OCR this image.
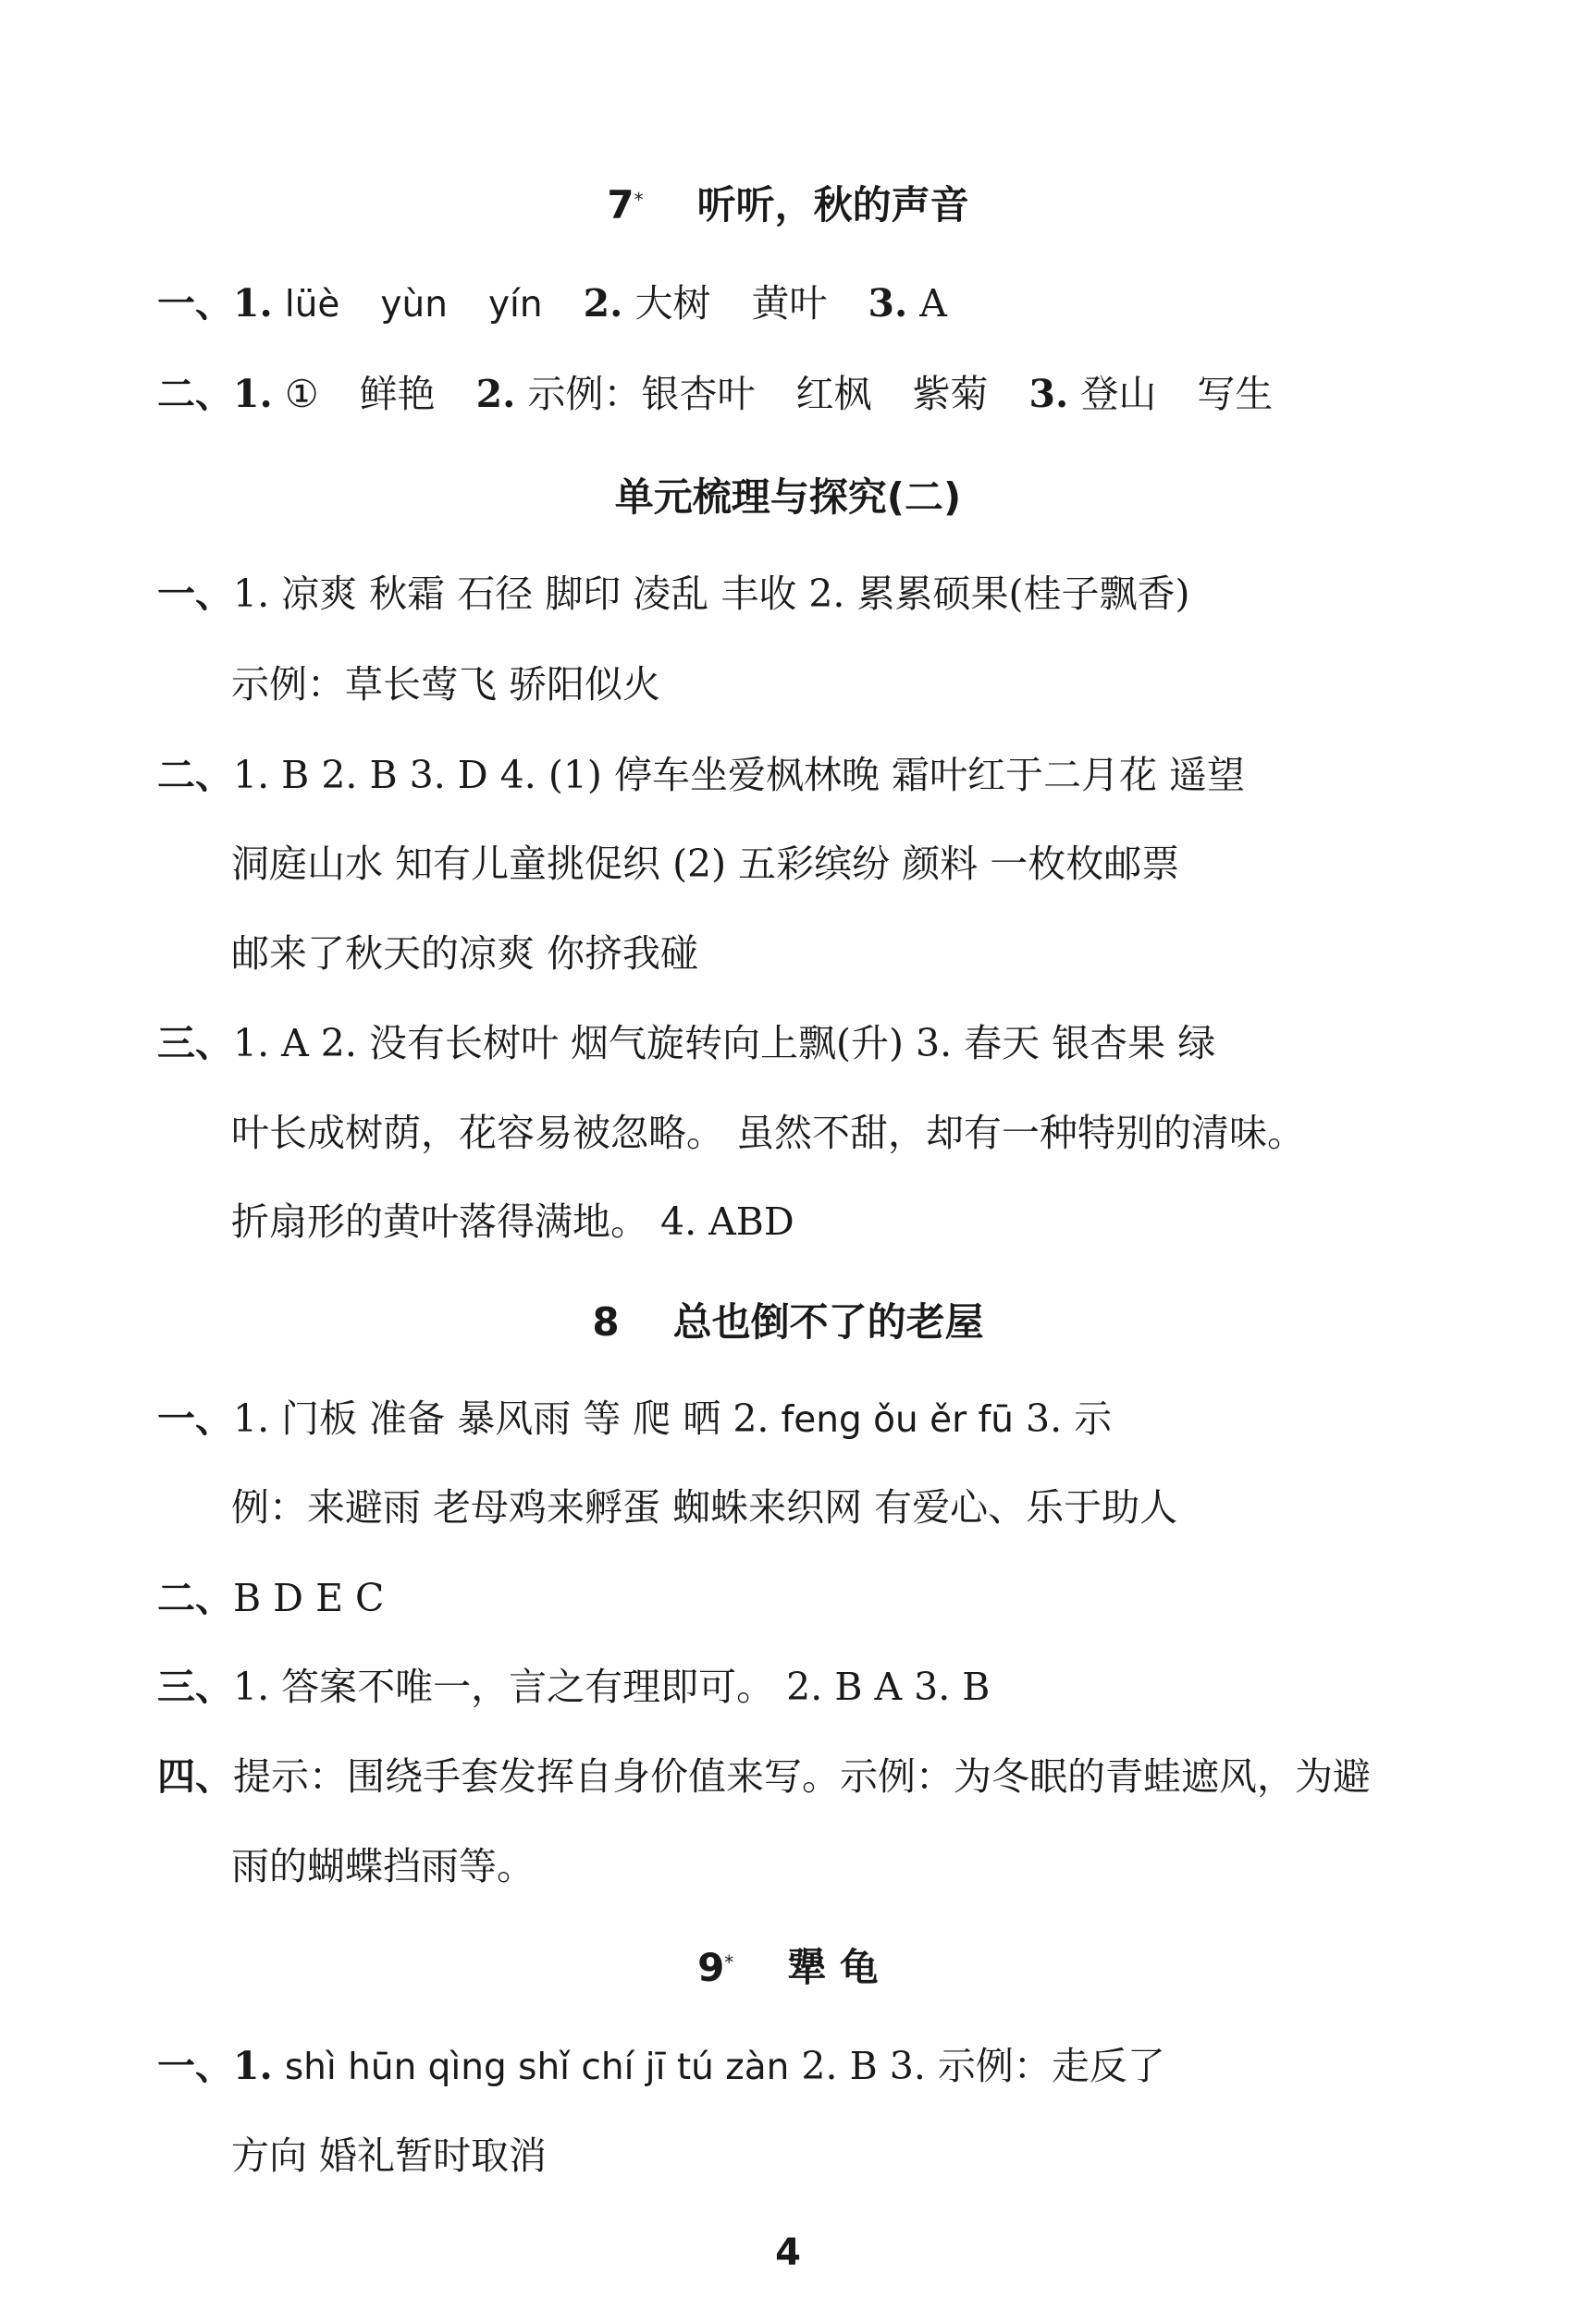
7* 听听，秋的声音
一、1. lüè yùn yín 2. 大树 黄叶 3. A
二、1. ① 鲜艳 2. 示例：银杏叶 红枫 紫菊 3. 登山 写生
单元梳理与探究(二)
一、1. 凉爽 秋霜 石径 脚印 凌乱 丰收 2. 累累硕果(桂子飘香)
示例：草长莺飞 骄阳似火
二、1. B 2. B 3. D 4. (1) 停车坐爱枫林晚 霜叶红于二月花 遥望
洞庭山水 知有儿童挑促织 (2) 五彩缤纷 颜料 一枚枚邮票
邮来了秋天的凉爽 你挤我碰
三、1. A 2. 没有长树叶 烟气旋转向上飘(升) 3. 春天 银杏果 绿
叶长成树荫，花容易被忽略。 虽然不甜，却有一种特别的清味。
折扇形的黄叶落得满地。 4. ABD
8 总也倒不了的老屋
一、1. 门板 准备 暴风雨 等 爬 晒 2. feng ǒu ěr fū 3. 示
例：来避雨 老母鸡来孵蛋 蜘蛛来织网 有爱心、乐于助人
二、B D E C
三、1. 答案不唯一，言之有理即可。 2. B A 3. B
四、提示：围绕手套发挥自身价值来写。示例：为冬眠的青蛙遮风，为避
雨的蝴蝶挡雨等。
9* 犟 龟
一、1. shì hūn qìng shǐ chí jī tú zàn 2. B 3. 示例：走反了
方向 婚礼暂时取消
4
